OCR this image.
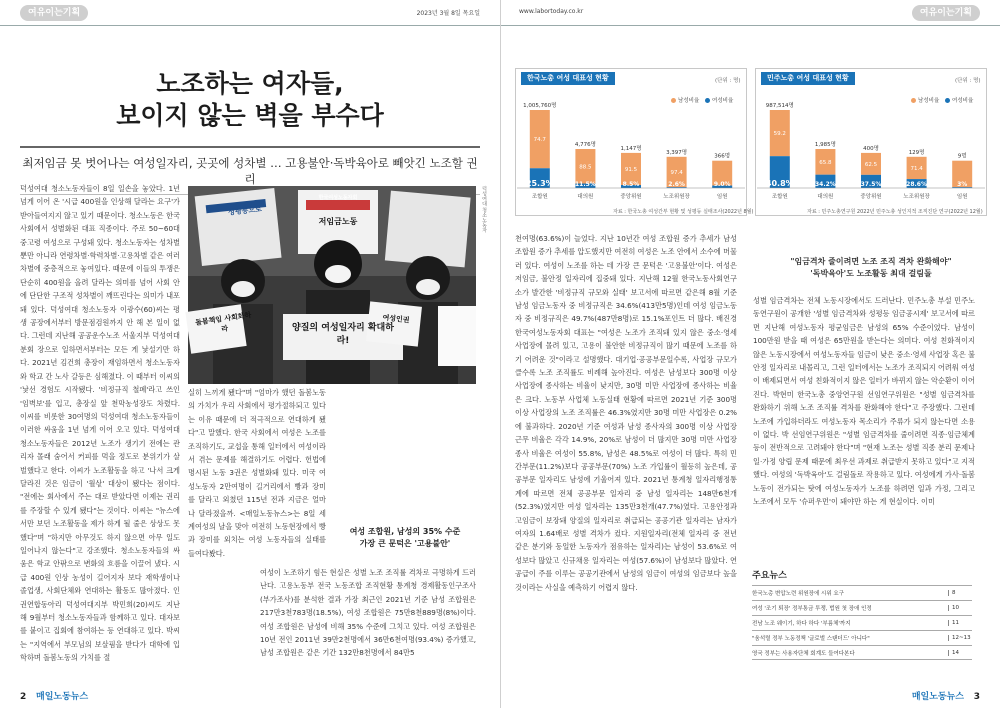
여유이는기획	2023년 3월 8일 목요일
노조하는 여자들,
보이지 않는 벽을 부수다
최저임금 못 벗어나는 여성일자리, 곳곳에 성차별 … 고용불안·독박육아로 빼앗긴 노조할 권리
덕성여대 청소노동자들이 8일 일손을 놓았다. 1년 넘게 이어 온 '시급 400원을 인상해 달라는 요구'가 받아들여지지 않고 있기 때문이다. 청소노동은 한국 사회에서 성별화된 대표 직종이다. 주로 50~60대 중고령 여성으로 구성돼 있다. 청소노동자는 성차별뿐만 아니라 연령차별·학력차별·고용차별 같은 여러 차별에 중층적으로 놓여있다. 때문에 이들의 투쟁은 단순히 400원을 올려 달라는 의미를 넘어 사회 안에 단단한 구조적 성차별이 깨뜨린다는 의미가 내포돼 있다. 덕성여대 청소노동자 이광수(60)씨는 평생 공장에서부터 방문점검원까지 안 해 본 일이 없다. 그런데 지난해 공공운수노조 서울지부 덕성여대분회 장으로 일하면서부터는 모든 게 낯설기만 하다. 2021년 김건희 총장이 재임하면서 청소노동자와 학교 간 노사 갈등은 심해졌다. 이 때부터 이씨의 '낯선 경험도 시작됐다. '비정규직 철폐'라고 쓰인 '임벽보'를 입고, 총장실 앞 천막농성장도 차렸다. 이씨를 비롯한 30여명의 덕성여대 청소노동자들이 이러한 싸움을 1년 넘게 이어 오고 있다. 덕성여대 청소노동자들은 2012년 노조가 생기기 전에는 관리자 몰래 숨어서 커피를 먹을 정도로 분위기가 살벌했다고 한다. 이씨가 노조활동을 하고 '나서 크게 달라진 것은 임금이 '월삯' 대상이 됐다는 점이다. "전에는 회사에서 주는 대로 받았다면 이제는 권리를 주장할 수 있게 됐다"는 것이다. 이씨는 "뉴스에서만 보던 노조활동을 제가 하게 될 줄은 상상도 못했다"며 "하지만 아무것도 하지 않으면 아무 일도 일어나지 않는다"고 강조했다. 청소노동자들의 싸움은 학교 안팎으로 변화의 흐름을 이끌어 냈다. 시급 400원 인상 농성이 길어지자 보다 재학생이나 졸업생, 사회단체와 연대하는 활동도 많아졌다. 인권연합동아리 덕성여대지부 박민희(20)씨도 지난해 9월부터 청소노동자들과 함께하고 있다. 대자보를 붙이고 집회에 참여하는 등 연대하고 있다. 박씨는 "지역에서 부모님의 보살핌을 받다가 대학에 입학하며 돌봄노동의 가치를 절
성평등으로
돌봄책임 사회화하라
저임금노동
양질의 여성일자리 확대하라!
여성인권
한국여성노동자회	덕성여대 청소노동자
실히 느끼게 됐다"며 "엄마가 했던 돌봄노동의 가치가 우리 사회에서 평가절하되고 있다는 이유 때문에 더 적극적으로 연대하게 됐다"고 말했다. 한국 사회에서 여성은 노조를 조직하기도, 교섭을 통해 일터에서 여성이라서 겪는 문제를 해결하기도 어렵다. 헌법에 명시된 노동 3권은 성별화돼 있다. 미국 여성노동자 2만여명이 길거리에서 빵과 장미를 달라고 외쳤던 115년 전과 지금은 얼마나 달라졌을까. <매일노동뉴스>는 8일 세계여성의 날을 맞아 여전히 노동현장에서 빵과 장미를 외치는 여성 노동자들의 실태를 들여다봤다.
여성 조합원, 남성의 35% 수준
가장 큰 문턱은 '고용불안'
여성이 노조하기 힘든 현실은 성별 노조 조직률 격차로 극명하게 드러난다. 고용노동부 전국 노동조합 조직현황 통계청 경제활동인구조사(부가조사)를 분석한 결과 가장 최근인 2021년 기준 남성 조합원은 217만3천783명(18.5%), 여성 조합원은 75만8천889명(8%)이다. 여성 조합원은 남성에 비해 35% 수준에 그치고 있다. 여성 조합원은 10년 전인 2011년 39만2천명에서 36만6천여명(93.4%) 증가했고, 남성 조합원은 같은 기간 132만8천명에서 84만5
2 매일노동뉴스
www.labortoday.co.kr	여유이는기획
한국노총 여성 대표성 현황	(단위 : 명)
남성비율 여성비율
1,005,760명
74.7
25.3%
조합원
4,776명
88.5
11.5%
대의원
1,147명
91.5
8.5%
중앙위원
3,397명
97.4
2.6%
노조위원장
366명
9.0%
임원
자료 : 한국노총 여성간부 현황 및 성평등 실태조사(2022년 8월)
민주노총 여성 대표성 현황	(단위 : 명)
남성비율 여성비율
987,514명
59.2
40.8%
조합원
1,985명
65.8
34.2%
대의원
400명
62.5
37.5%
중앙위원
129명
71.4
28.6%
노조위원장
9명
3%
임원
자료 : 민주노총연구원 2022년 민주노총 성인지적 조직진단 연구(2022년 12월)
천여명(63.6%)이 늘었다. 지난 10년간 여성 조합원 증가 추세가 남성 조합원 증가 추세를 압도했지만 여전히 여성은 노조 안에서 소수에 머물러 있다. 여성이 노조를 하는 데 가장 큰 문턱은 '고용불안'이다. 여성은 저임금, 불안정 일자리에 집중돼 있다. 지난해 12월 한국노동사회연구소가 발간한 '비정규직 규모와 실태' 보고서에 따르면 같은해 8월 기준 남성 임금노동자 중 비정규직은 34.6%(413만5명)인데 여성 임금노동자 중 비정규직은 49.7%(487만8명)로 15.1%포인트 더 많다. 배진경 한국여성노동자회 대표는 "여성은 노조가 조직돼 있지 않은 중소·영세 사업장에 몰려 있고, 고용이 불안한 비정규직이 많기 때문에 노조를 하기 어려운 것"이라고 설명했다. 대기업·공공부문일수록, 사업장 규모가 클수록 노조 조직률도 비례해 높아진다. 여성은 남성보다 300명 이상 사업장에 종사하는 비율이 낮지만, 30명 미만 사업장에 종사하는 비율은 크다. 노동부 사업체 노동실태 현황에 따르면 2021년 기준 300명 이상 사업장의 노조 조직률은 46.3%였지만 30명 미만 사업장은 0.2%에 불과하다. 2020년 기준 여성과 남성 종사자의 300명 이상 사업장 근무 비율은 각각 14.9%, 20%로 남성이 더 많지만 30명 미만 사업장 종사 비율은 여성이 55.8%, 남성은 48.5%로 여성이 더 많다. 특히 민간부문(11.2%)보다 공공부문(70%) 노조 가입률이 월등히 높은데, 공공부문 일자리도 남성에 기울어져 있다. 2021년 통계청 일자리행정통계에 따르면 전체 공공부문 일자리 중 남성 일자리는 148만6천개(52.3%)였지만 여성 일자리는 135만3천개(47.7%)였다. 고용안정과 고임금이 보장돼 양질의 일자리로 취급되는 공공기관 일자리는 남자가 여자의 1.64배로 성별 격차가 컸다. 지원일자리(전체 일자리 중 전년 같은 분기와 동일한 노동자가 점유하는 일자리)는 남성이 53.6%로 여성보다 많았고 신규채용 일자리는 여성(57.6%)이 남성보다 많았다. 연공급이 주를 이루는 공공기관에서 남성의 임금이 여성의 임금보다 높을 것이라는 사실을 예측하기 어렵지 않다.
"임금격차 줄이려면 노조 조직 격차 완화해야"
'독박육아'도 노조활동 최대 걸림돌
성별 임금격차는 전체 노동시장에서도 드러난다. 민주노총 부설 민주노동연구원이 공개한 '성별 임금격차와 성평등 임금공시제' 보고서에 따르면 지난해 여성노동자 평균임금은 남성의 65% 수준이었다. 남성이 100만원 받을 때 여성은 65만원을 받는다는 의미다. 여성 친화적이지 않은 노동시장에서 여성노동자들 임금이 낮은 중소·영세 사업장 혹은 불안정 일자리로 내몰리고, 그런 일터에서는 노조가 조직되지 어려워 여성이 배제되면서 여성 친화적이지 않은 일터가 바뀌지 않는 악순환이 이어진다. 박현미 한국노총 중앙연구원 선임연구위원은 "성별 임금격차를 완화하기 위해 노조 조직률 격차를 완화해야 한다"고 주장했다. 그런데 노조에 가입하더라도 여성노동자 목소리가 주류가 되지 않는다면 소용이 없다. 박 선임연구위원은 "성별 임금격차를 줄이려면 직종·임금체계 등이 전반적으로 고려돼야 한다"며 "현재 노조는 성별 직종 분리 문제나 일·가정 양립 문제 때문에 최우선 과제로 취급받지 못하고 있다"고 지적했다. 여성의 '독박육아'도 걸림돌로 작용하고 있다. 여성에게 가사·돌봄 노동이 전가되는 탓에 여성노동자가 노조를 하려면 일과 가정, 그리고 노조에서 모두 '슈퍼우먼'이 돼야만 하는 게 현실이다. 이미
매일노동뉴스 3
주요뉴스
한국노총 변압노련 위원장에 시위 요구	8
여성 '조기 퇴장' 정부통금 투쟁, 법원 첫 장애 인정	10
전남 노조 웨이기, 하다 하다 '부름체'까지	11
"움석렬 정부 노동정책 '글로벌 스탠더드' 아니다"	12~13
영국 정부는 사용자단체 회계도 들여다본다	14
